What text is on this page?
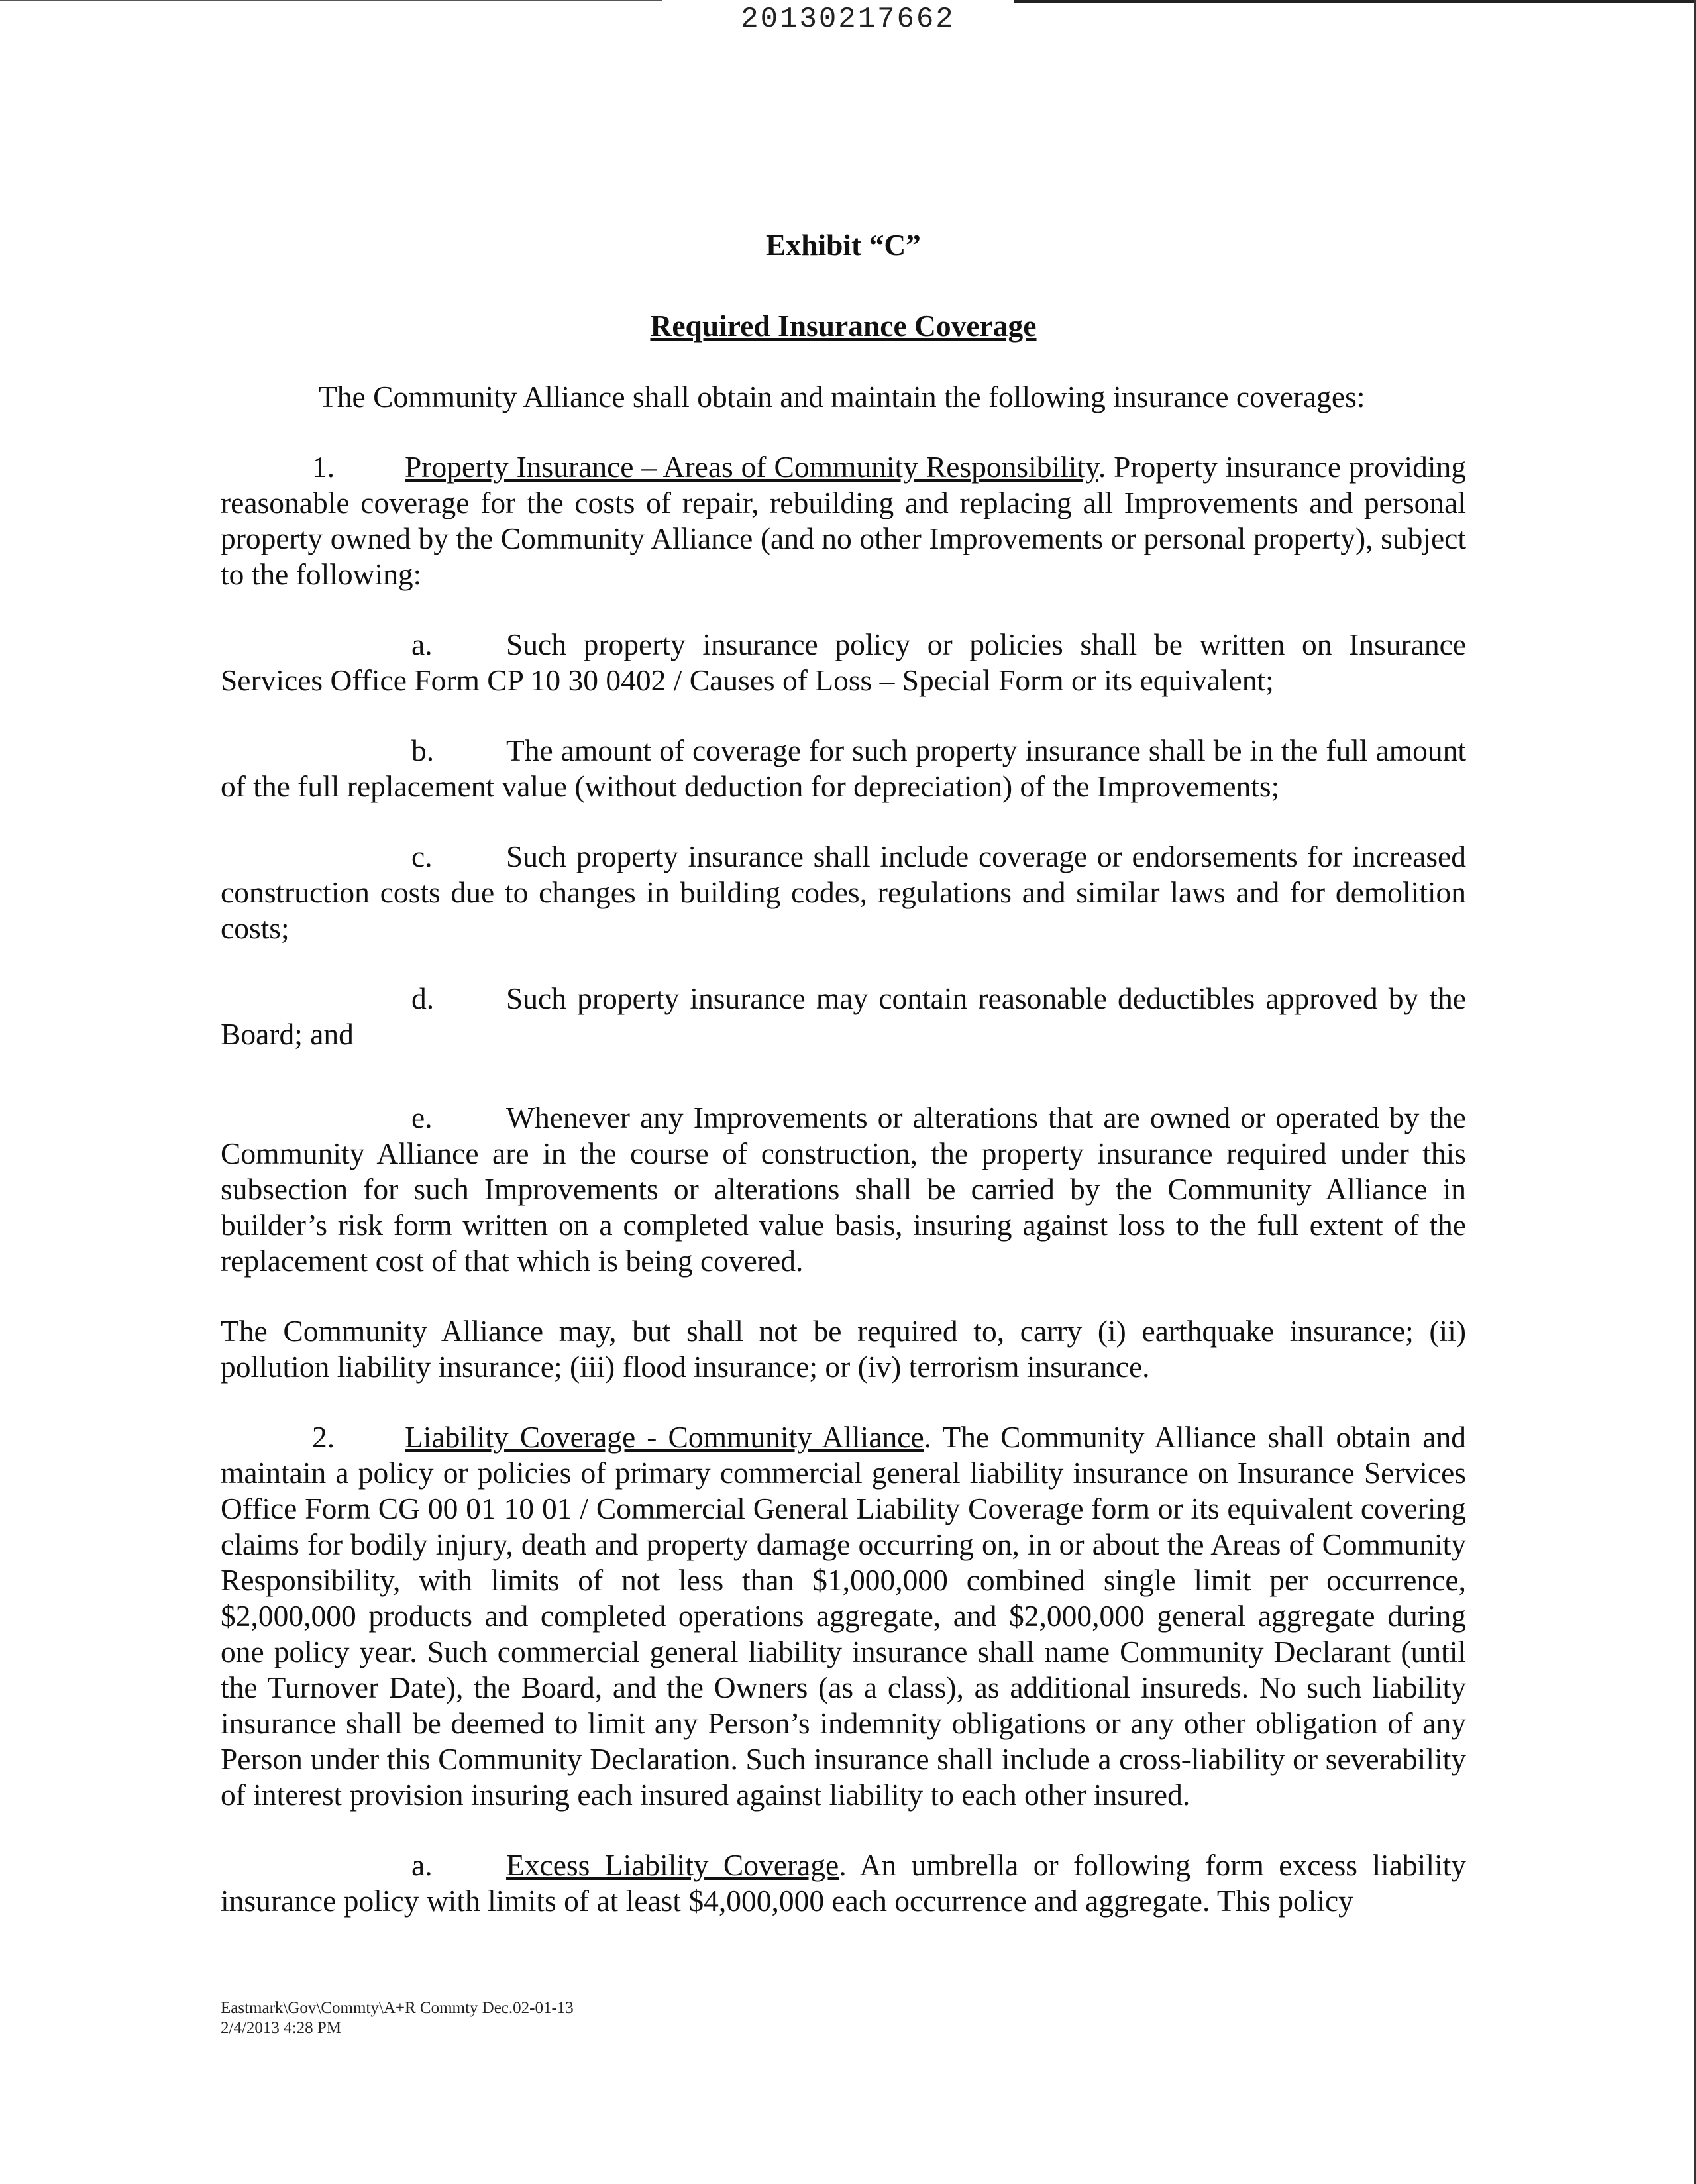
20130217662
Exhibit “C”
Required Insurance Coverage

The Community Alliance shall obtain and maintain the following insurance coverages:

1. Property Insurance – Areas of Community Responsibility. Property insurance providing reasonable coverage for the costs of repair, rebuilding and replacing all Improvements and personal property owned by the Community Alliance (and no other Improvements or personal property), subject to the following:

a. Such property insurance policy or policies shall be written on Insurance Services Office Form CP 10 30 0402 / Causes of Loss – Special Form or its equivalent;

b. The amount of coverage for such property insurance shall be in the full amount of the full replacement value (without deduction for depreciation) of the Improvements;

c. Such property insurance shall include coverage or endorsements for increased construction costs due to changes in building codes, regulations and similar laws and for demolition costs;

d. Such property insurance may contain reasonable deductibles approved by the Board; and

e. Whenever any Improvements or alterations that are owned or operated by the Community Alliance are in the course of construction, the property insurance required under this subsection for such Improvements or alterations shall be carried by the Community Alliance in builder’s risk form written on a completed value basis, insuring against loss to the full extent of the replacement cost of that which is being covered.

The Community Alliance may, but shall not be required to, carry (i) earthquake insurance; (ii) pollution liability insurance; (iii) flood insurance; or (iv) terrorism insurance.

2. Liability Coverage - Community Alliance. The Community Alliance shall obtain and maintain a policy or policies of primary commercial general liability insurance on Insurance Services Office Form CG 00 01 10 01 / Commercial General Liability Coverage form or its equivalent covering claims for bodily injury, death and property damage occurring on, in or about the Areas of Community Responsibility, with limits of not less than $1,000,000 combined single limit per occurrence, $2,000,000 products and completed operations aggregate, and $2,000,000 general aggregate during one policy year. Such commercial general liability insurance shall name Community Declarant (until the Turnover Date), the Board, and the Owners (as a class), as additional insureds. No such liability insurance shall be deemed to limit any Person’s indemnity obligations or any other obligation of any Person under this Community Declaration. Such insurance shall include a cross-liability or severability of interest provision insuring each insured against liability to each other insured.

a. Excess Liability Coverage. An umbrella or following form excess liability insurance policy with limits of at least $4,000,000 each occurrence and aggregate. This policy

Eastmark\Gov\Commty\A+R Commty Dec.02-01-13
2/4/2013 4:28 PM
